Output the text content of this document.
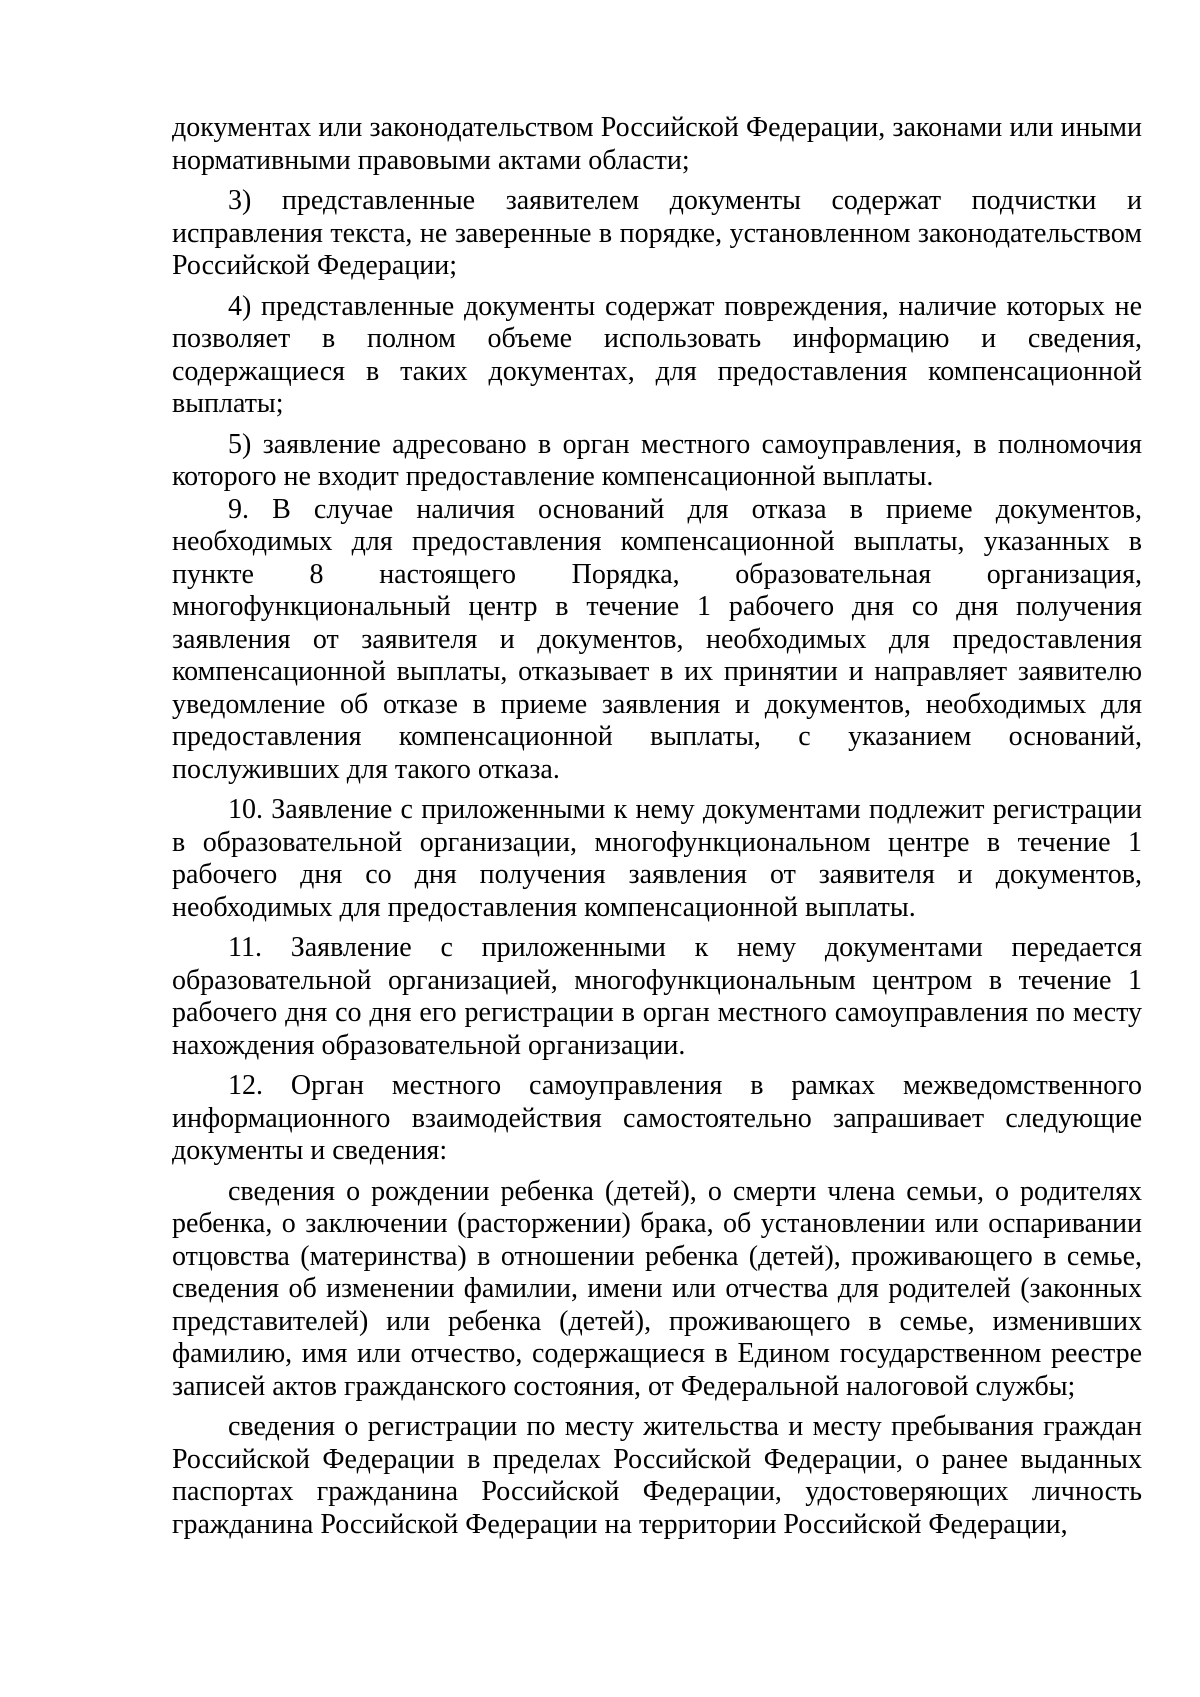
документах или законодательством Российской Федерации, законами или иными нормативными правовыми актами области;

3) представленные заявителем документы содержат подчистки и исправления текста, не заверенные в порядке, установленном законодательством Российской Федерации;

4) представленные документы содержат повреждения, наличие которых не позволяет в полном объеме использовать информацию и сведения, содержащиеся в таких документах, для предоставления компенсационной выплаты;

5) заявление адресовано в орган местного самоуправления, в полномочия которого не входит предоставление компенсационной выплаты.

9. В случае наличия оснований для отказа в приеме документов, необходимых для предоставления компенсационной выплаты, указанных в пункте 8 настоящего Порядка, образовательная организация, многофункциональный центр в течение 1 рабочего дня со дня получения заявления от заявителя и документов, необходимых для предоставления компенсационной выплаты, отказывает в их принятии и направляет заявителю уведомление об отказе в приеме заявления и документов, необходимых для предоставления компенсационной выплаты, с указанием оснований, послуживших для такого отказа.

10. Заявление с приложенными к нему документами подлежит регистрации в образовательной организации, многофункциональном центре в течение 1 рабочего дня со дня получения заявления от заявителя и документов, необходимых для предоставления компенсационной выплаты.

11. Заявление с приложенными к нему документами передается образовательной организацией, многофункциональным центром в течение 1 рабочего дня со дня его регистрации в орган местного самоуправления по месту нахождения образовательной организации.

12. Орган местного самоуправления в рамках межведомственного информационного взаимодействия самостоятельно запрашивает следующие документы и сведения:

сведения о рождении ребенка (детей), о смерти члена семьи, о родителях ребенка, о заключении (расторжении) брака, об установлении или оспаривании отцовства (материнства) в отношении ребенка (детей), проживающего в семье, сведения об изменении фамилии, имени или отчества для родителей (законных представителей) или ребенка (детей), проживающего в семье, изменивших фамилию, имя или отчество, содержащиеся в Едином государственном реестре записей актов гражданского состояния, от Федеральной налоговой службы;

сведения о регистрации по месту жительства и месту пребывания граждан Российской Федерации в пределах Российской Федерации, о ранее выданных паспортах гражданина Российской Федерации, удостоверяющих личность гражданина Российской Федерации на территории Российской Федерации,
